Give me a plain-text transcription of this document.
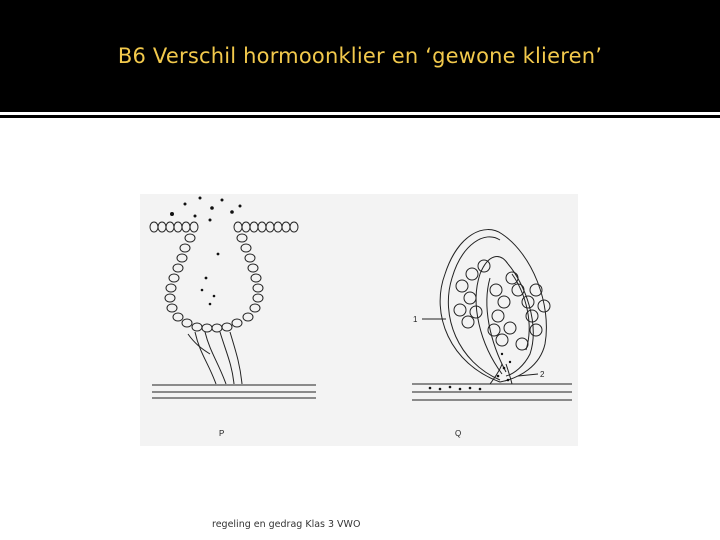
B6 Verschil hormoonklier en ‘gewone klieren’
P	Q
1
2
regeling en gedrag Klas 3 VWO
